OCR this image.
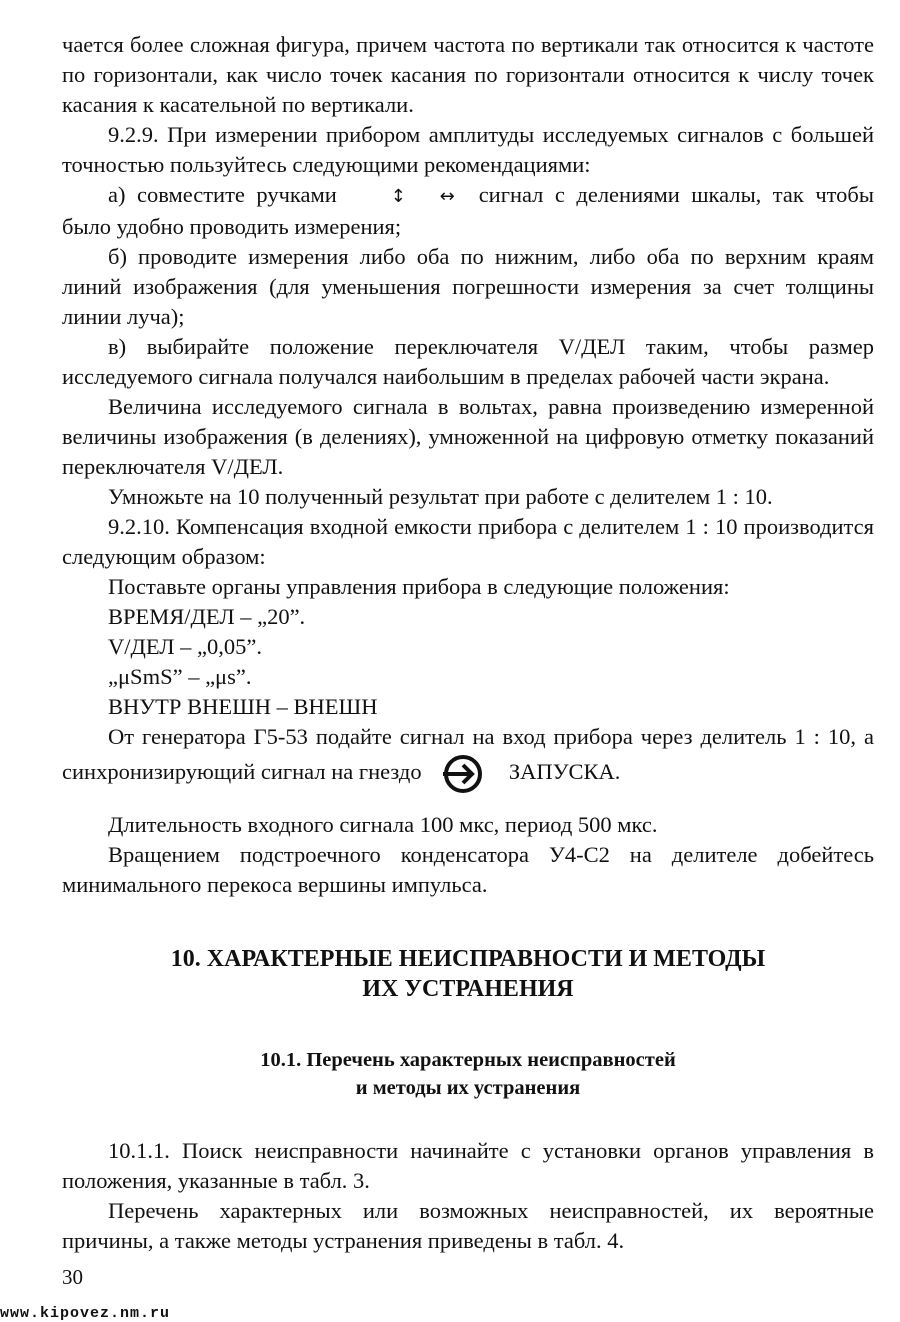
чается более сложная фигура, причем частота по вертикали так относится к частоте по горизонтали, как число точек касания по горизонтали относится к числу точек касания к касательной по вертикали.

9.2.9. При измерении прибором амплитуды исследуемых сигналов с большей точностью пользуйтесь следующими рекомендациями:

а) совместите ручками	↕ ↔ сигнал с делениями шкалы, так чтобы было удобно проводить измерения;

б) проводите измерения либо оба по нижним, либо оба по верхним краям линий изображения (для уменьшения погрешности измерения за счет толщины линии луча);

в) выбирайте положение переключателя V/ДЕЛ таким, чтобы размер исследуемого сигнала получался наибольшим в пределах рабочей части экрана.

Величина исследуемого сигнала в вольтах, равна произведению измеренной величины изображения (в делениях), умноженной на цифровую отметку показаний переключателя V/ДЕЛ.

Умножьте на 10 полученный результат при работе с делителем 1 : 10.

9.2.10. Компенсация входной емкости прибора с делителем 1 : 10 производится следующим образом:

Поставьте органы управления прибора в следующие положения:

ВРЕМЯ/ДЕЛ – „20”.

V/ДЕЛ – „0,05”.

„μSmS” – „μs”.

ВНУТР ВНЕШН – ВНЕШН

От генератора Г5-53 подайте сигнал на вход прибора через делитель 1 : 10, а синхронизирующий сигнал на гнездо	ЗАПУСКА.

Длительность входного сигнала 100 мкс, период 500 мкс.

Вращением подстроечного конденсатора У4-С2 на делителе добейтесь минимального перекоса вершины импульса.

10. ХАРАКТЕРНЫЕ НЕИСПРАВНОСТИ И МЕТОДЫ
ИХ УСТРАНЕНИЯ
10.1. Перечень характерных неисправностей
и методы их устранения

10.1.1. Поиск неисправности начинайте с установки органов управления в положения, указанные в табл. 3.

Перечень характерных или возможных неисправностей, их вероятные причины, а также методы устранения приведены в табл. 4.

30
www.kipovez.nm.ru
